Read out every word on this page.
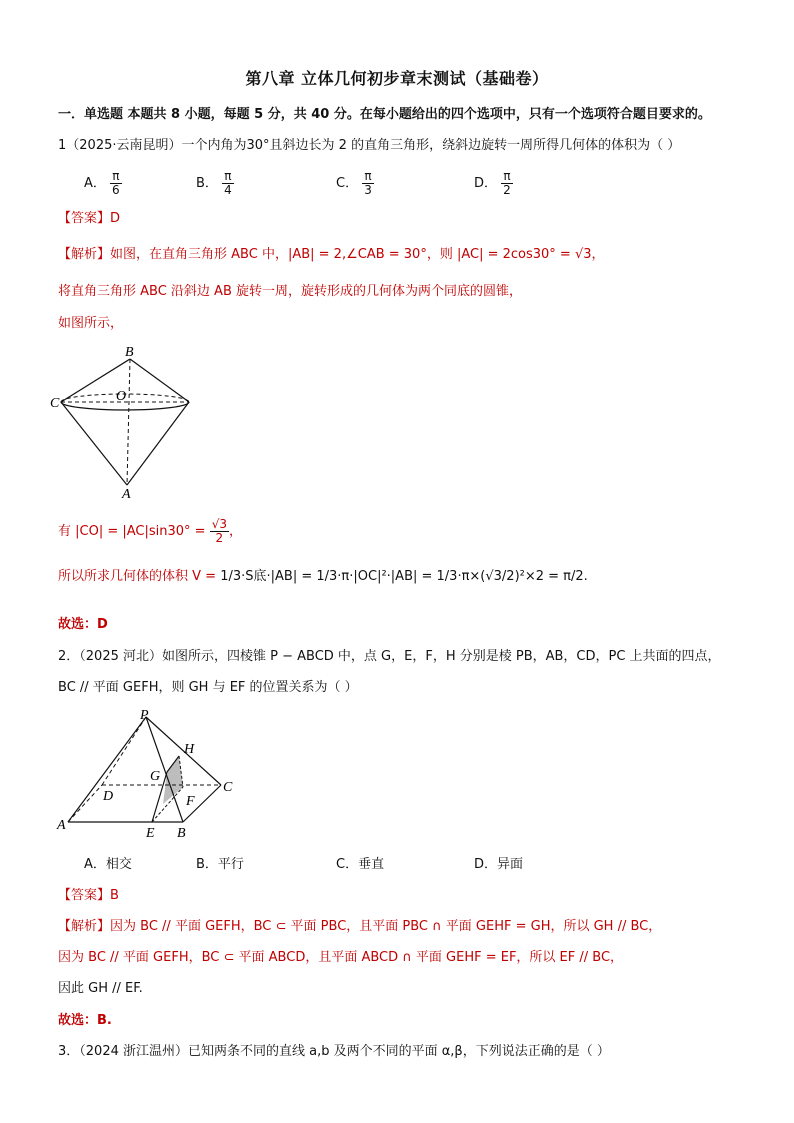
第八章 立体几何初步章末测试（基础卷）
一．单选题 本题共 8 小题，每题 5 分，共 40 分。在每小题给出的四个选项中，只有一个选项符合题目要求的。
1（2025·云南昆明）一个内角为30°且斜边长为 2 的直角三角形，绕斜边旋转一周所得几何体的体积为（ ）
A． $\frac{\pi}{6}$	B． $\frac{\pi}{4}$	C． $\frac{\pi}{3}$	D． $\frac{\pi}{2}$
【答案】D
【解析】如图，在直角三角形 ABC 中，|AB| = 2,∠CAB = 30°，则 |AC| = 2cos30° = √3，
将直角三角形 ABC 沿斜边 AB 旋转一周，旋转形成的几何体为两个同底的圆锥，
如图所示，
B
C	O
A
有 $|CO| = |AC|\sin 30^\circ = \frac{√3}{2}$ ，
所以所求几何体的体积 V = 1/3·S底·|AB| = 1/3·π·|OC|²·|AB| = 1/3·π×(√3/2)²×2 = π/2.
故选：D
2．（2025 河北）如图所示，四棱锥 P − ABCD 中，点 G，E，F，H 分别是棱 PB，AB，CD，PC 上共面的四点，
BC // 平面 GEFH，则 GH 与 EF 的位置关系为（ ）
P
H
G
C
D	F
A
E B
A．相交	B．平行	C．垂直	D．异面
【答案】B
【解析】因为 BC // 平面 GEFH，BC ⊂ 平面 PBC，且平面 PBC ∩ 平面 GEHF = GH，所以 GH // BC，
因为 BC // 平面 GEFH，BC ⊂ 平面 ABCD，且平面 ABCD ∩ 平面 GEHF = EF，所以 EF // BC，
因此 GH // EF.
故选：B.
3．（2024 浙江温州）已知两条不同的直线 a,b 及两个不同的平面 α,β，下列说法正确的是（ ）
